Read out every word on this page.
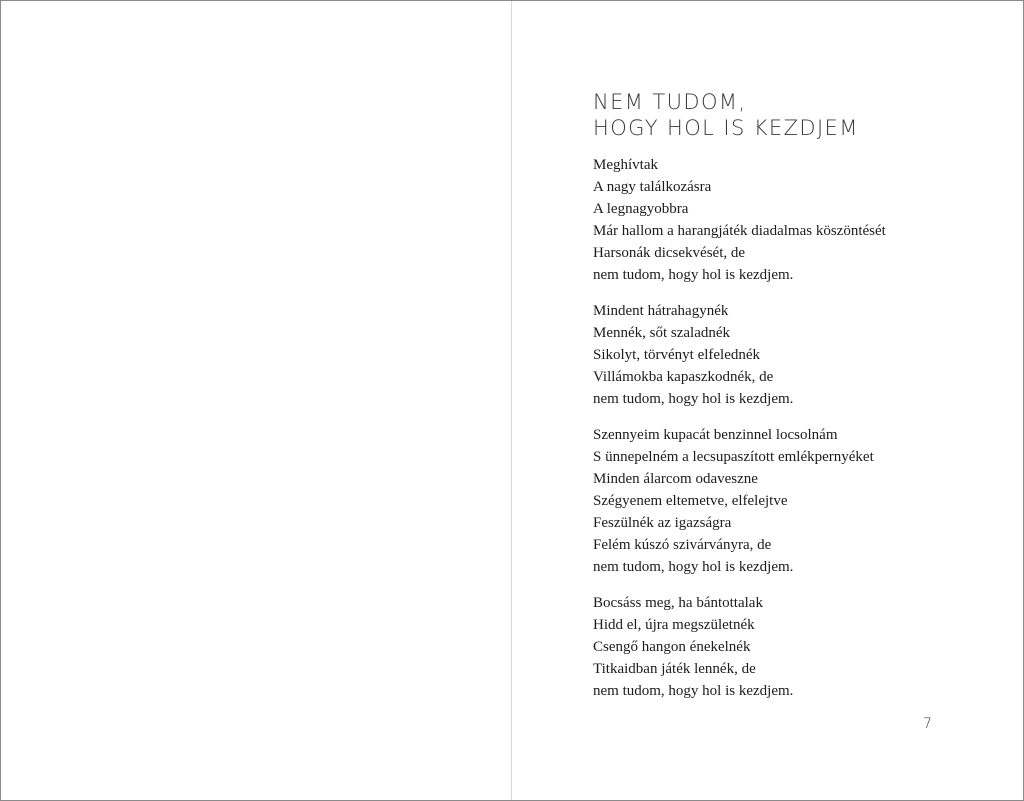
NEM TUDOM,
HOGY HOL IS KEZDJEM

Meghívtak
A nagy találkozásra
A legnagyobbra
Már hallom a harangjáték diadalmas köszöntését
Harsonák dicsekvését, de
nem tudom, hogy hol is kezdjem.

Mindent hátrahagynék
Mennék, sőt szaladnék
Sikolyt, törvényt elfelednék
Villámokba kapaszkodnék, de
nem tudom, hogy hol is kezdjem.

Szennyeim kupacát benzinnel locsolnám
S ünnepelném a lecsupaszított emlékpernyéket
Minden álarcom odaveszne
Szégyenem eltemetve, elfelejtve
Feszülnék az igazságra
Felém kúszó szivárványra, de
nem tudom, hogy hol is kezdjem.

Bocsáss meg, ha bántottalak
Hidd el, újra megszületnék
Csengő hangon énekelnék
Titkaidban játék lennék, de
nem tudom, hogy hol is kezdjem.

7
